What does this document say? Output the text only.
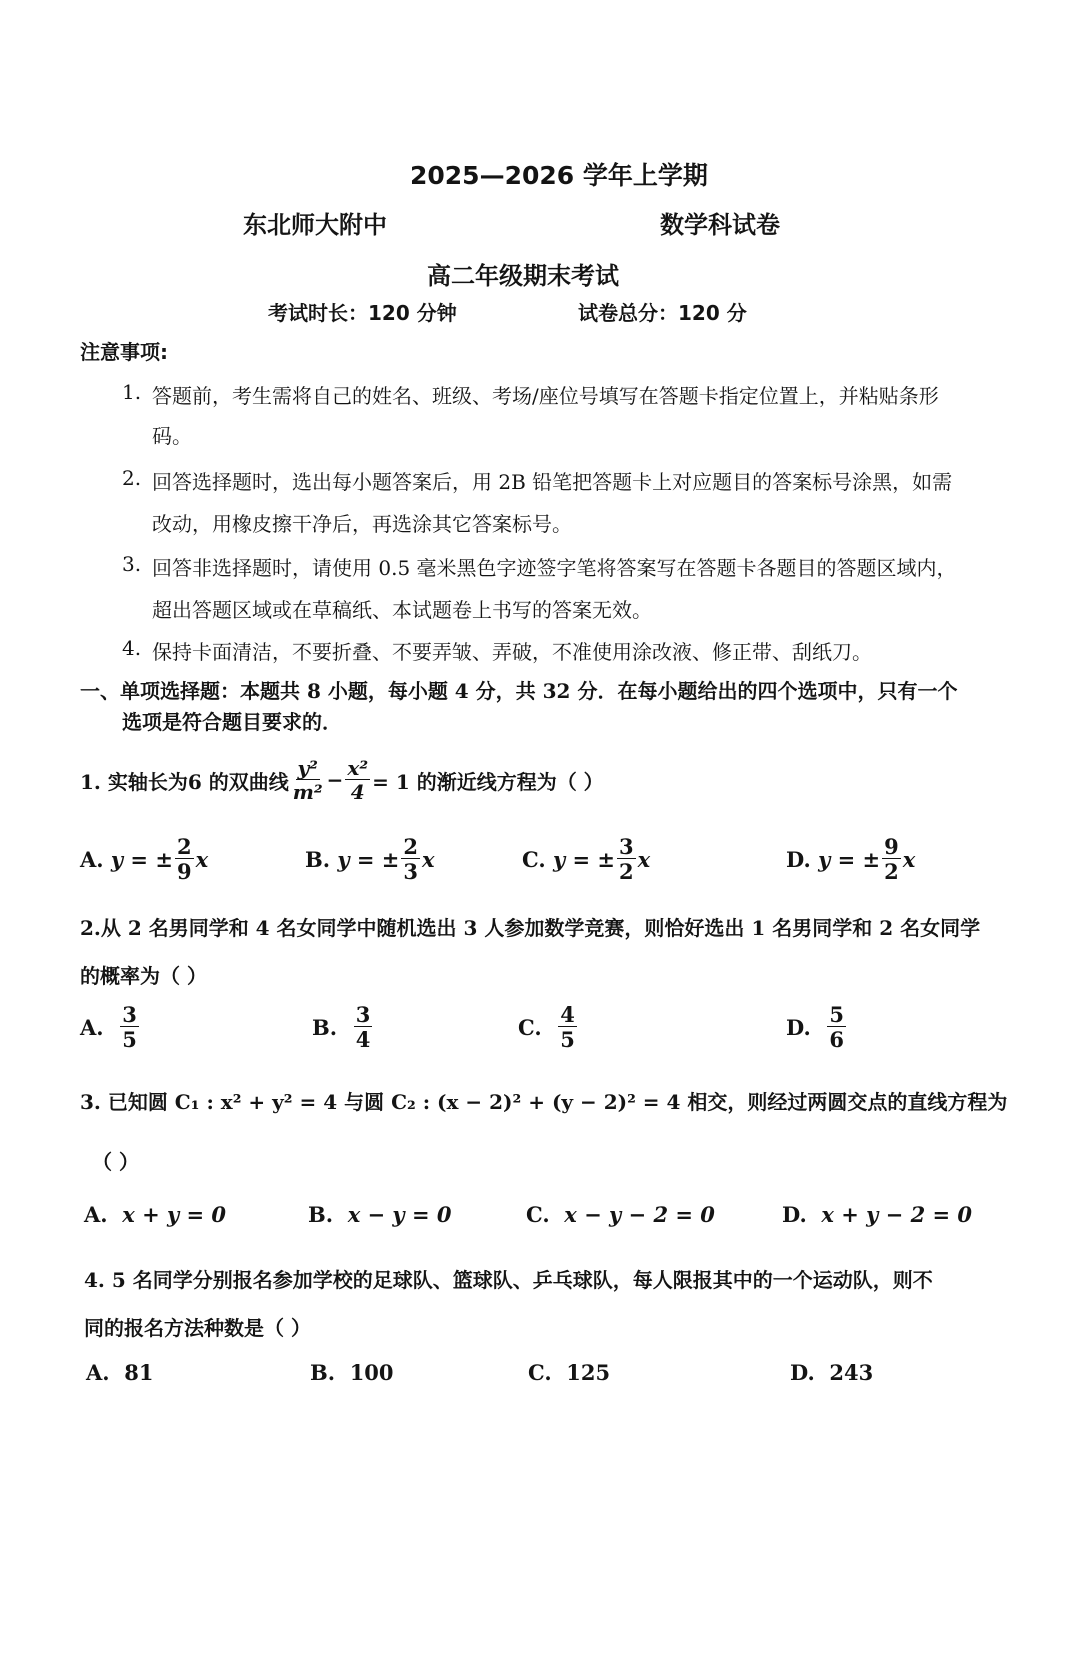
2025—2026 学年上学期
东北师大附中	数学科试卷
高二年级期末考试
考试时长：120 分钟	试卷总分：120 分
注意事项:
1. 答题前，考生需将自己的姓名、班级、考场/座位号填写在答题卡指定位置上，并粘贴条形
码。
2. 回答选择题时，选出每小题答案后，用 2B 铅笔把答题卡上对应题目的答案标号涂黑，如需
改动，用橡皮擦干净后，再选涂其它答案标号。
3. 回答非选择题时，请使用 0.5 毫米黑色字迹签字笔将答案写在答题卡各题目的答题区域内，
超出答题区域或在草稿纸、本试题卷上书写的答案无效。
4. 保持卡面清洁，不要折叠、不要弄皱、弄破，不准使用涂改液、修正带、刮纸刀。
一、单项选择题：本题共 8 小题，每小题 4 分，共 32 分．在每小题给出的四个选项中，只有一个
选项是符合题目要求的．
1. 实轴长为6 的双曲线 $\frac{\text{y²}}{\text{m²}} - \frac{\text{x²}}{4} = 1$ 的渐近线方程为（ ）
A.
y = ± $\frac{2}{9}$ x	B.
y = ± $\frac{2}{3}$ x	C.
y = ± $\frac{3}{2}$ x	D.
y = ± $\frac{9}{2}$ x
2.从 2 名男同学和 4 名女同学中随机选出 3 人参加数学竞赛，则恰好选出 1 名男同学和 2 名女同学
的概率为（ ）
A.
$\frac{3}{5}$	B.
$\frac{3}{4}$	C.
$\frac{4}{5}$	D.
$\frac{5}{6}$
3. 已知圆 C₁ : x² + y² = 4 与圆 C₂ : (x − 2)² + (y − 2)² = 4 相交，则经过两圆交点的直线方程为
（ ）
A. x + y = 0	B. x − y = 0	C. x − y − 2 = 0	D. x + y − 2 = 0
4. 5 名同学分别报名参加学校的足球队、篮球队、乒乓球队，每人限报其中的一个运动队，则不
同的报名方法种数是（ ）
A. 81	B. 100	C. 125	D. 243
